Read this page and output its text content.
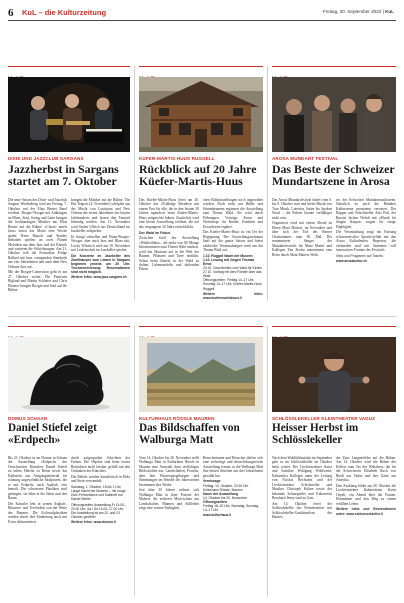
6 KuL – die Kulturzeitung	Freitag, 30. September 2022 | KuL
DIXIE UND JAZZCLUB SARGANS
Jazzherbst in Sargans startet am 7. Oktober

Die neue Saison des Dixie- und Jazzclub Sargans Werdenberg wird am Freitag, 7. Oktober, mit der Elias Bernet Band eröffnet. Boogie-Woogie mit Anklängen an Blues, Soul, Swing und Latin bringen die hochkarätigen Musiker um Elias Bernet auf die Bühne. «Classic meets Jazz» heisst das Motto eine Woche später. Rene Bausch und Stanley Imboden spielen an zwei Flanen Melodien aus dem Jazz und der Klassik und variieren die Stilrichtungen. Am 21. Oktober teilt die Formation Fridge Ballard mit Jazz, swingenden Standards aus vier Jahrzehnten und auch dem New Orleans Jazz auf.

Mit der Boogie-Connection geht es am 27. Oktober weiter. Die Pianisten Rigland und Martin Schlatter und Chris Ebneter bringen Boogie und Soul auf die Bühne.

bringen die Musiker auf die Bühne. The Hot Teapots (4. November) schöpfen aus der Musik von Louisiana und New Orleans der ersten Jahrzehnte des letzten Jahrhunderts und lassen den Tanzstil lebendig werden. Am 11. November wird Stefan Ullrich aus Deutschland im Jazzkeller aufspielen.

Er bringt schnellen und Piano-Boogie-Woogie, aber auch Jazz und Blues mit. Lucky Wüstrich wird am 18. November mit Leidenschaft im Jazzkeller spielen.

Die Konzerte im Jazzkeller des Zunfthauses zum Löwen in Sargans beginnen jeweils um 20 Uhr. Tischreservierung: Reservationen sind nicht möglich.

Weitere Infos: www.jazz-sargans.ch

KÜFER-MARTIS-HUUS RUGGELL
Rückblick auf 20 Jahre Küefer-Martis-Huus

Das Küefer-Martis-Huus feiert am 20. Oktober das 20-jährige Bestehen mit einem Fest für alle, die in den letzten 20 Jahren irgendwie beim Küefer-Martis-Huus mitgewirkt haben. Zusätzlich wird eine kleine Ausstellung eröffnet, die auf das vergangene 20 Jahre zurückblickt.

Der Wald im Fokus

Zwischen Stoff der Ausstellung «Waldwildnis», die mehr von 80 Menge Informationen zum Thema Wald umfasst, wird das Museum auf in die Welt der Bäume, Pflanzen und Tiere entführt. Schon beim Eintritt in der Wald zu duften, Lebensmitteln und duftenden Pilzen.

chen Bildausstellungen noch angeordnet werden. Doch nicht nur Bilder und Stimmbrunnen ergänzen die Ausstellung zum Thema Wald. Sie wird durch Führungen, Vorträge, Kurse und Workshops für Kinder, Familien und Erwachsene ergänzt.

Das Küefer-Martis-Huus ist ein Ort der Begegnung. Der Ausstellungszeitraum läuft auf die ganze Saison und bietet zahlreiche Veranstaltungen rund um das Thema Wald auf.

1.10. Ruggell Nacht der Museen
1.10. Lesung mit Jürgen Thomas Ernst
23.10. Geschichten vom Wald für Kinder
27.10. Vortrag mit dem Förster über das Wald
Öffnungszeiten: Freitag 14–17 Uhr, Sonntag 14–17 Uhr, Küefer-Martis-Huus Ruggell

Weitere Infos: www.kuefermartishuus.li

AROSA MUNDART FESTIVAL
Das Beste der Schweizer Mundartszene in Arosa

Das Arosa Mundartfestival findet vom 6. bis 9. Oktober statt und bietet Musik von Trau Musik, Literatur, Satire bis Spoken Word – die Palette könnte vielfältiger nicht sein.

Organisiert wird mit einem Abend zu Ehren Mani Matters, im November und über sich der Tod des Berner Chansonniers zum 50. Mal. Der renommierte Sänger des Mundartfestivals für Mani Matter und Kollegen Tim Krohn unternimmt eine Reise durch Mani Matters Werk.

ter, der Schweizer Mundartmusikszene. Natürlich ist auch die Bündner Kulturszene prominent vertreten. Der Rapper und Schriftsteller Adri Pali, der Bassist Jachen Wehrli mit «Musik für Singen Kaspar» sorgen für einige Highlights.

Die Veranstaltung zeigt ein Fassung schweizerischer Sprachvielfalt mit den Arosa Kulturleuten Reporten, die verbunden sind mit Ambiente voll innovativen Formen des Festivals.

Infos und Programm auf Tickets:

www.arosakultur.ch

DOMUS SCHAAN
Daniel Stiefel zeigt «Erdpech»

Bis 23. Oktober ist im Domus in Schaan die Ausstellung «Erdpech» des Ostschweizer Künstlers Daniel Stiefel zu sehen. Hierfür ist Beton sowie das Kalkstein aus Ausgangsmaterial für schaurig ungewöhnliche Skulpturen, die er mit Erdpech, auch Asphalt, rein bemalt. Die schwarzen Plastiken sind gefangen, sie führt in die Natur und den Raum.

Der Künstler lebt in seinen Asphalt-, Bitumen- und Teerfarben von der Weite des Raumes. Die Kolossalplastiken werden durch ihre Einbettung auch mit Fotos dokumentiert.

durch aufgesprühte Schichten der Farben. Die Objekte sind beim ersten Betrachten nicht fassbar, gefüllt mit den Gedanken des Künstlers.

Die Reliefs werden künstlerisch in Holz und Stein verwandelt.

Samstag, 1. Oktober, 18 bis 1 Uhr, Lange Nacht der Museen – mit rouge-Holz-Performance und Kabinett von Daniel Stiefel

Öffnungszeiten Ausstellung Fr 14.00–20.00 Uhr, Sa / So 14.00–17.00 Uhr. Die Ausstellung ist am 22. und 23. Oktober geöffnet

Weitere Infos: www.domus.li

KULTURHAUS RÖSSLE MAUREN
Das Bildschaffen von Walburga Matt

Vom 14. Oktober bis 20. November stellt Walburga Matt in Kulturhaus Rössle in Mauren eine Auswahl ihrer vielfältigen Bildschaffen aus. Landschaften, Porträts, aber hier Wasserspiegelungen und Stimmungen im Wandel der Jahreszeiten bestimmen ihre Werke.

Seit über 30 Jahren widmet sich Walburga Matt in ihrer Freizeit der Malerei. Ihr zeitloser Motivschatz aus Landschaften, Blumen und Stillleben zeigt eine warme Farbigkeit.

Besucherinnen und Besucher dürfen sich eine vielseitige und abwechslungsreiche Ausstellung freuen, in die Walburga Matt ihre besten Arbeiten aus drei Jahrzehnten gewählt hat.

Vernissage
Freitag, 14. Oktober, 19.30 Uhr
Kulturhaus Rössle, Mauren
Dauer der Ausstellung
14. Oktober bis 20. November
Öffnungszeiten
Freitag 18–20 Uhr, Samstag, Sonntag 14–17 Uhr

www.kulturhaus.li

SCHLÖSSLEKELLER KLEINTHEATER VADUZ
Heisser Herbst im Schlösslekeller

Nach dem Wohlfühlauftakt im September geht es im Schlösslekeller im Oktober heiss weiter. Der Liechtensteiner Autor und Satiriker Wolfgang Wohlwend, Kabarettist Kollegen unter der Leitung von Nicolas Bechstein und der Liechtensteiner Schriftsteller und Musiker Christoph Kühne sowie der bekannte Schauspieler und Kabarettist Bernhard Jenny sind zu Gast.

Am 14. Oktober feiert der Schlösslekeller das Premierenfest mit Schlösslekeller-Gastkünstlern des Hauses.

der Zeus Langenfelder auf die Bühne. Am 14. Oktober wird die Bühne des Kellers zum Ort des Weltalters, die für die Schweizerin Elisabeth Ruch von Rietli aus Vaduz und ihre Gäste aus Amerika.

Den Ausklang bildet am 28. Oktober die Liechtensteiner Kabarettistin Karin Ospelt, ein Abend über die Frauen, Ehemänner und den Weg zu einem erfüllten Leben.

Weitere Infos und Reservationen unter: www.schloesslekeller.li
